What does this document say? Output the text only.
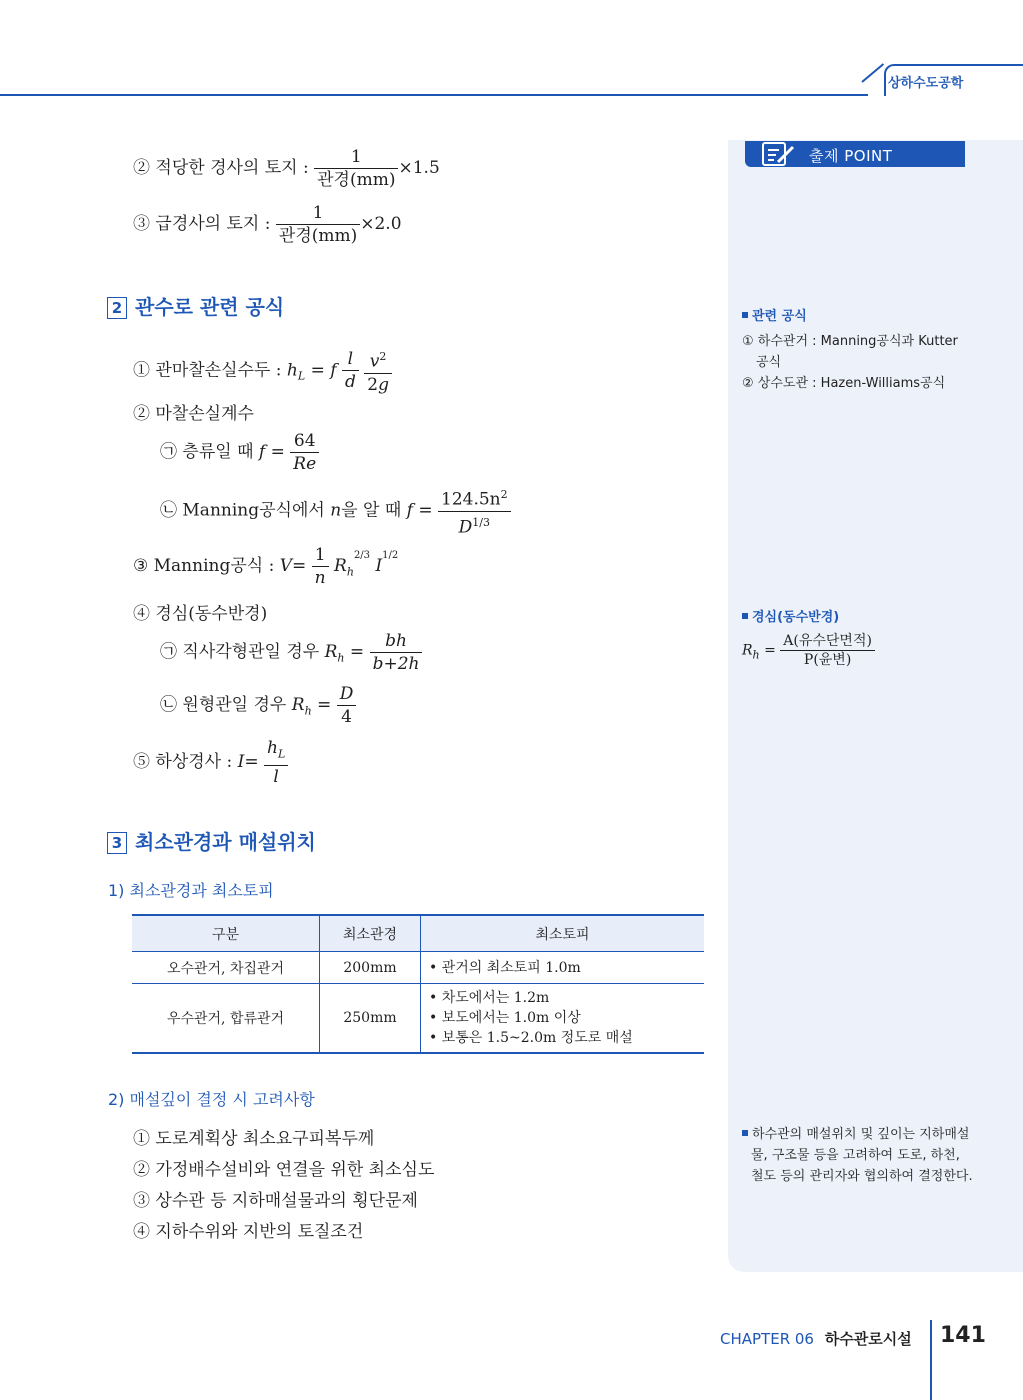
상하수도공학
출제 POINT
관련 공식
① 하수관거 : Manning공식과 Kutter
공식
② 상수도관 : Hazen-Williams공식
경심(동수반경)
$R_h = \frac{\text{A(유수단면적)}}{\text{P(윤변)}}$
하수관의 매설위치 및 깊이는 지하매설
물, 구조물 등을 고려하여 도로, 하천,
철도 등의 관리자와 협의하여 결정한다.
② 적당한 경사의 토지 : $\frac{1}{\text{관경(mm)}} \times 1.5$
③ 급경사의 토지 : $\frac{1}{\text{관경(mm)}} \times 2.0$
2 관수로 관련 공식
① 관마찰손실수두 : $h_L = f \frac{l}{d}$
$\frac{v^2}{2g}$
② 마찰손실계수
㉠ 층류일 때 $f = \frac{64}{Re}$
㉡ Manning공식에서 n을 알 때 $f = \frac{124.5n^2}{D^{1/3}}$
③ Manning공식 : $V= \frac{1}{n} R_h^{2/3}$ $I^{1/2}$
④ 경심(동수반경)
㉠ 직사각형관일 경우 $R_h = \frac{bh}{b+2h}$
㉡ 원형관일 경우 $R_h = \frac{D}{4}$
⑤ 하상경사 : $I= \frac{h_L}{l}$
3 최소관경과 매설위치
1) 최소관경과 최소토피
구분	최소관경	최소토피
오수관거, 차집관거	200mm	• 관거의 최소토피 1.0m
우수관거, 합류관거	250mm	• 차도에서는 1.2m
• 보도에서는 1.0m 이상
• 보통은 1.5~2.0m 정도로 매설
2) 매설깊이 결정 시 고려사항
① 도로계획상 최소요구피복두께
② 가정배수설비와 연결을 위한 최소심도
③ 상수관 등 지하매설물과의 횡단문제
④ 지하수위와 지반의 토질조건
CHAPTER 06 하수관로시설 141
